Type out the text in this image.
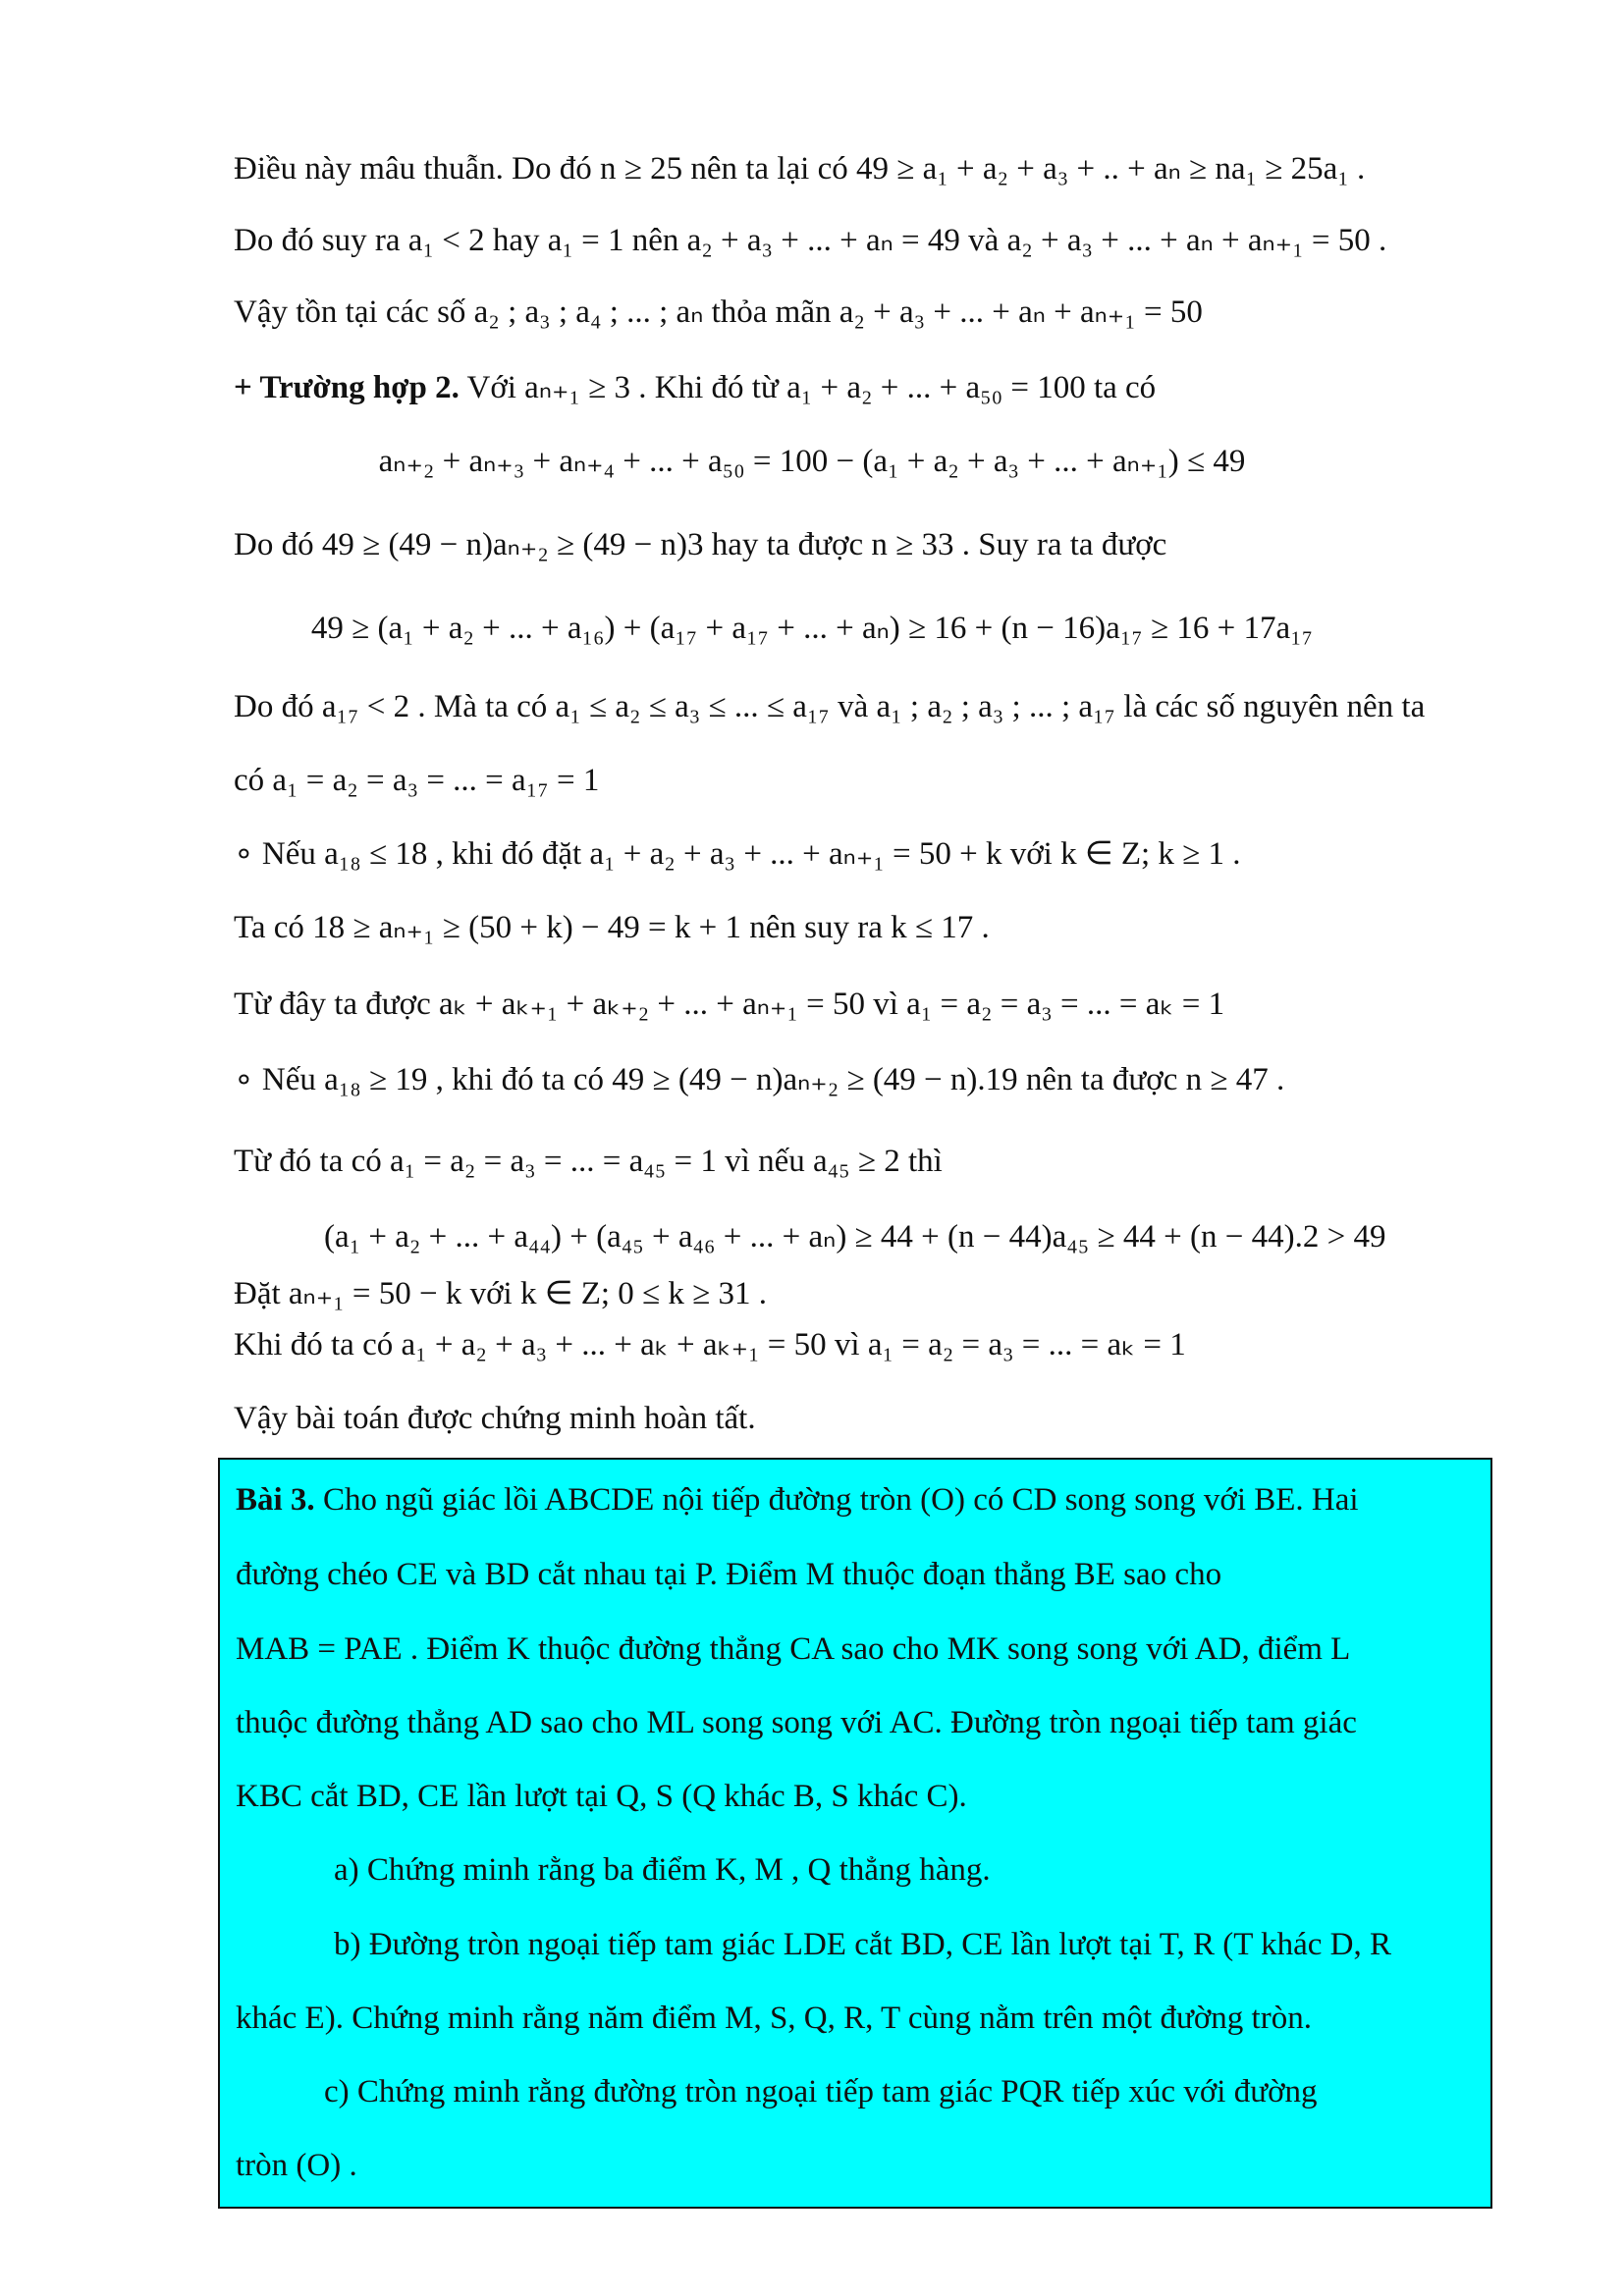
Điều này mâu thuẫn. Do đó n ≥ 25 nên ta lại có 49 ≥ a₁ + a₂ + a₃ + .. + aₙ ≥ na₁ ≥ 25a₁ .
Do đó suy ra a₁ < 2 hay a₁ = 1 nên a₂ + a₃ + ... + aₙ = 49 và a₂ + a₃ + ... + aₙ + aₙ₊₁ = 50 .
Vậy tồn tại các số a₂ ; a₃ ; a₄ ; ... ; aₙ thỏa mãn a₂ + a₃ + ... + aₙ + aₙ₊₁ = 50
+ Trường hợp 2. Với aₙ₊₁ ≥ 3 . Khi đó từ a₁ + a₂ + ... + a₅₀ = 100 ta có
aₙ₊₂ + aₙ₊₃ + aₙ₊₄ + ... + a₅₀ = 100 − (a₁ + a₂ + a₃ + ... + aₙ₊₁) ≤ 49
Do đó 49 ≥ (49 − n)aₙ₊₂ ≥ (49 − n)3 hay ta được n ≥ 33 . Suy ra ta được
49 ≥ (a₁ + a₂ + ... + a₁₆) + (a₁₇ + a₁₇ + ... + aₙ) ≥ 16 + (n − 16)a₁₇ ≥ 16 + 17a₁₇
Do đó a₁₇ < 2 . Mà ta có a₁ ≤ a₂ ≤ a₃ ≤ ... ≤ a₁₇ và a₁ ; a₂ ; a₃ ; ... ; a₁₇ là các số nguyên nên ta
có a₁ = a₂ = a₃ = ... = a₁₇ = 1
∘ Nếu a₁₈ ≤ 18 , khi đó đặt a₁ + a₂ + a₃ + ... + aₙ₊₁ = 50 + k với k ∈ Z; k ≥ 1 .
Ta có 18 ≥ aₙ₊₁ ≥ (50 + k) − 49 = k + 1 nên suy ra k ≤ 17 .
Từ đây ta được aₖ + aₖ₊₁ + aₖ₊₂ + ... + aₙ₊₁ = 50 vì a₁ = a₂ = a₃ = ... = aₖ = 1
∘ Nếu a₁₈ ≥ 19 , khi đó ta có 49 ≥ (49 − n)aₙ₊₂ ≥ (49 − n).19 nên ta được n ≥ 47 .
Từ đó ta có a₁ = a₂ = a₃ = ... = a₄₅ = 1 vì nếu a₄₅ ≥ 2 thì
(a₁ + a₂ + ... + a₄₄) + (a₄₅ + a₄₆ + ... + aₙ) ≥ 44 + (n − 44)a₄₅ ≥ 44 + (n − 44).2 > 49
Đặt aₙ₊₁ = 50 − k với k ∈ Z; 0 ≤ k ≥ 31 .
Khi đó ta có a₁ + a₂ + a₃ + ... + aₖ + aₖ₊₁ = 50 vì a₁ = a₂ = a₃ = ... = aₖ = 1
Vậy bài toán được chứng minh hoàn tất.
Bài 3. Cho ngũ giác lồi ABCDE nội tiếp đường tròn (O) có CD song song với BE. Hai
đường chéo CE và BD cắt nhau tại P. Điểm M thuộc đoạn thẳng BE sao cho
MAB = PAE . Điểm K thuộc đường thẳng CA sao cho MK song song với AD, điểm L
thuộc đường thẳng AD sao cho ML song song với AC. Đường tròn ngoại tiếp tam giác
KBC cắt BD, CE lần lượt tại Q, S (Q khác B, S khác C).
a) Chứng minh rằng ba điểm K, M , Q thẳng hàng.
b) Đường tròn ngoại tiếp tam giác LDE cắt BD, CE lần lượt tại T, R (T khác D, R
khác E). Chứng minh rằng năm điểm M, S, Q, R, T cùng nằm trên một đường tròn.
c) Chứng minh rằng đường tròn ngoại tiếp tam giác PQR tiếp xúc với đường
tròn (O) .
